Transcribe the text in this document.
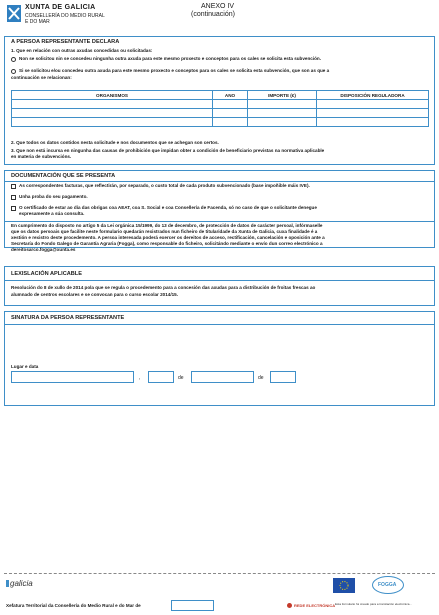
XUNTA DE GALICIA
CONSELLERÍA DO MEDIO RURAL
E DO MAR
ANEXO IV
(continuación)
A PERSOA REPRESENTANTE DECLARA
1. Que en relación con outras axudas concedidas ou solicitadas:
Non se solicitou nin se concedeu ningunha outra axuda para este mesmo proxecto e conceptos para os cales se solicita esta subvención.
Si se solicitou e/ou concedeu outra axuda para este mesmo proxecto e conceptos para os cales se solicita esta subvención, que son as que a
continuación se relacionan:
ORGANISMOS	ANO	IMPORTE (€)	DISPOSICIÓN REGULADORA

2. Que todos os datos contidos nesta solicitude e nos documentos que se achegan son certos.
3. Que non está incursa en ningunha das causas de prohibición que impidan obter a condición de beneficiario previstas na normativa aplicable
en materia de subvencións.
DOCUMENTACIÓN QUE SE PRESENTA
As correspondentes facturas, que reflectirán, por separado, o custo total de cada produto subvencionado (base impoñible máis IVE).
Unha proba do seu pagamento.
O certificado de estar ao día das obrigas coa AEAT, coa S. Social e coa Consellería de Facenda, só no caso de que o solicitante denegue
expresamente a súa consulta.
En cumprimento do disposto no artigo 5 da Lei orgánica 15/1999, do 13 de decembro, de protección de datos de carácter persoal, infórmaselle
que os datos persoais que facilite neste formulario quedarán rexistrados nun ficheiro de titularidade da Xunta de Galicia, cuxa finalidade é a
xestión e rexistro deste procedemento. A persoa interesada poderá exercer os dereitos de acceso, rectificación, cancelación e oposición ante a
Secretaría do Fondo Galego de Garantía Agraria (Fogga), como responsable do ficheiro, solicitándo mediante o envío dun correo electrónico a
dereitosarco.fogga@xunta.es
LEXISLACIÓN APLICABLE
Resolución do 8 de xullo de 2014 pola que se regula o procedemento para a concesión das axudas para a distribución de froitas frescas ao
alumnado de centros escolares e se convocan para o curso escolar 2014/15.
SINATURA DA PERSOA REPRESENTANTE
Lugar e data
,	de	de
galicia	FOGGA
Xefatura Territorial da Consellería do Medio Rural e do Mar de	REDE ELECTRÓNICA Esta formulario foi creado para a tramitación electrónica...
